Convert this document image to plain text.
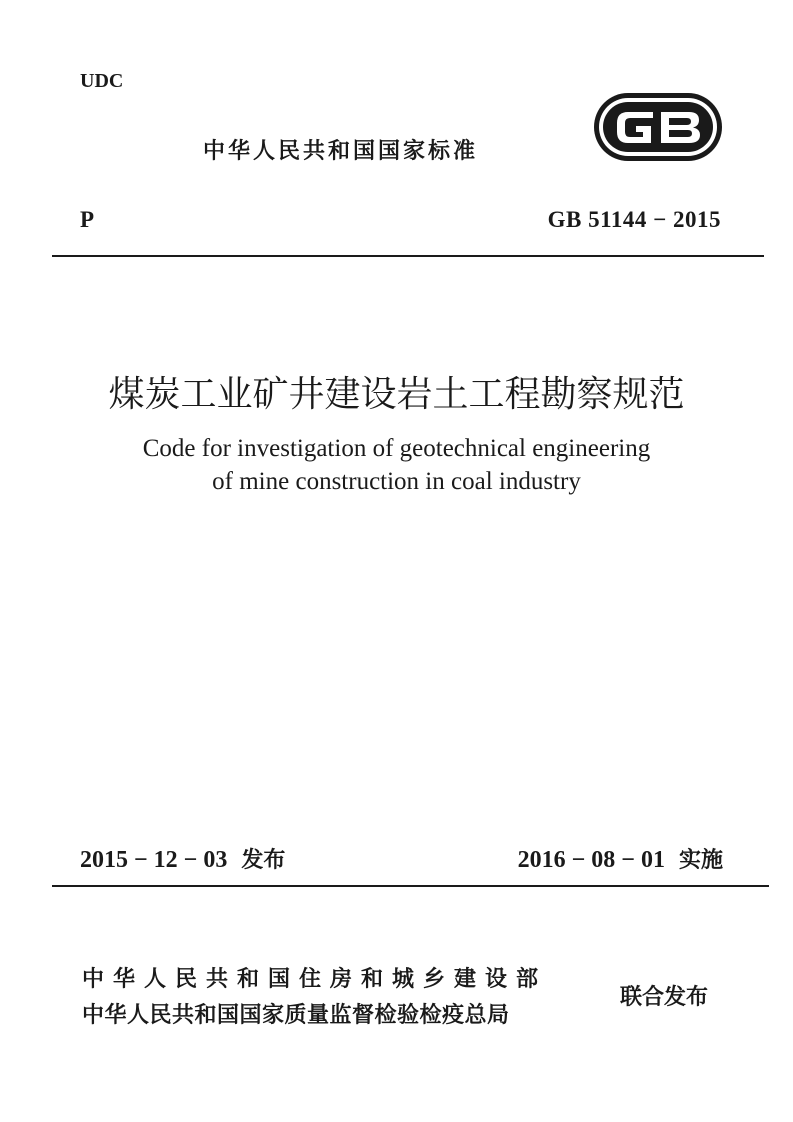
UDC
中华人民共和国国家标准
P	GB 51144 − 2015
煤炭工业矿井建设岩土工程勘察规范
Code for investigation of geotechnical engineering
of mine construction in coal industry
2015 − 12 − 03 发布	2016 − 08 − 01 实施
中华人民共和国住房和城乡建设部
中华人民共和国国家质量监督检验检疫总局
联合发布
